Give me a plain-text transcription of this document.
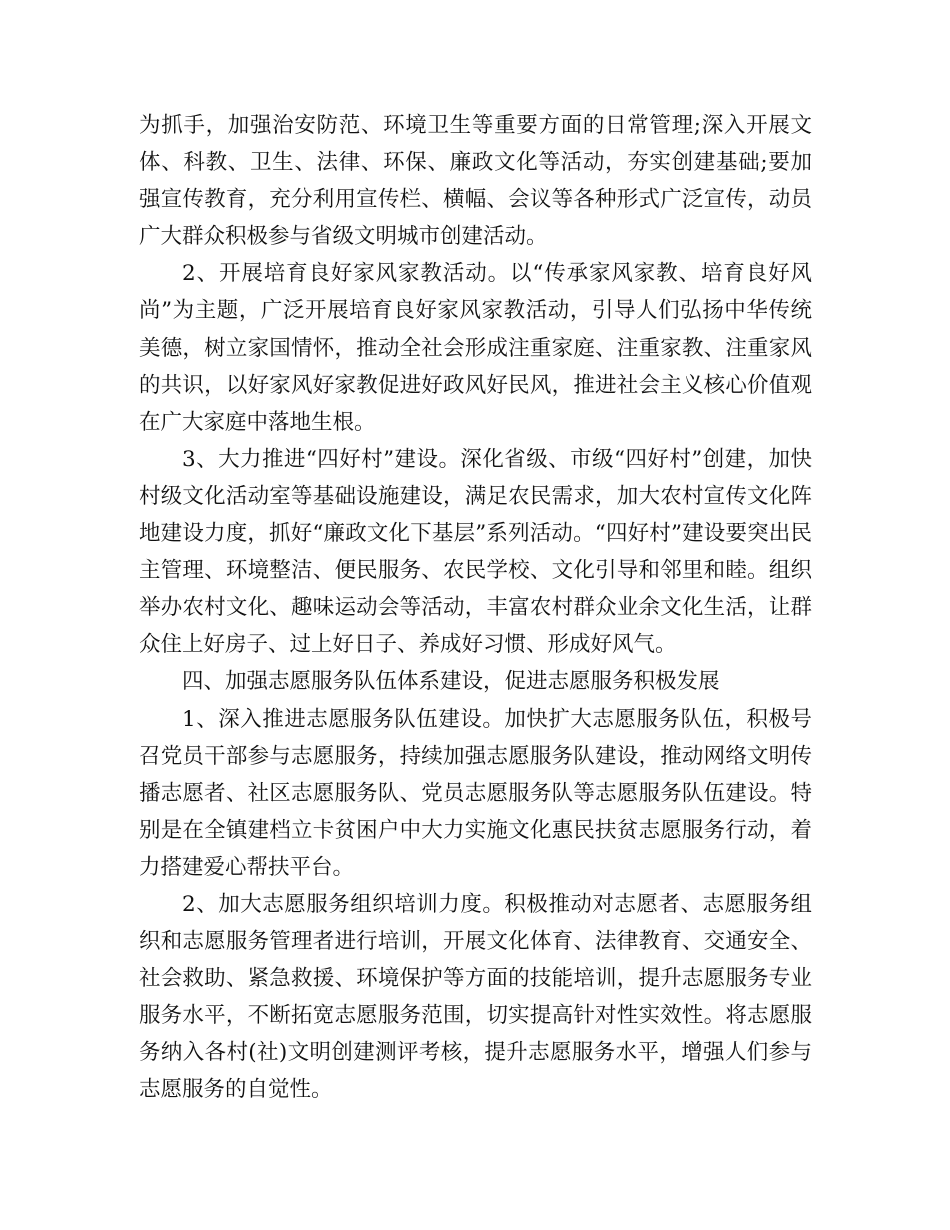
为抓手，加强治安防范、环境卫生等重要方面的日常管理;深入开展文体、科教、卫生、法律、环保、廉政文化等活动，夯实创建基础;要加强宣传教育，充分利用宣传栏、横幅、会议等各种形式广泛宣传，动员广大群众积极参与省级文明城市创建活动。

2、开展培育良好家风家教活动。以“传承家风家教、培育良好风尚”为主题，广泛开展培育良好家风家教活动，引导人们弘扬中华传统美德，树立家国情怀，推动全社会形成注重家庭、注重家教、注重家风的共识，以好家风好家教促进好政风好民风，推进社会主义核心价值观在广大家庭中落地生根。

3、大力推进“四好村”建设。深化省级、市级“四好村”创建，加快村级文化活动室等基础设施建设，满足农民需求，加大农村宣传文化阵地建设力度，抓好“廉政文化下基层”系列活动。“四好村”建设要突出民主管理、环境整洁、便民服务、农民学校、文化引导和邻里和睦。组织举办农村文化、趣味运动会等活动，丰富农村群众业余文化生活，让群众住上好房子、过上好日子、养成好习惯、形成好风气。

四、加强志愿服务队伍体系建设，促进志愿服务积极发展

1、深入推进志愿服务队伍建设。加快扩大志愿服务队伍，积极号召党员干部参与志愿服务，持续加强志愿服务队建设，推动网络文明传播志愿者、社区志愿服务队、党员志愿服务队等志愿服务队伍建设。特别是在全镇建档立卡贫困户中大力实施文化惠民扶贫志愿服务行动，着力搭建爱心帮扶平台。

2、加大志愿服务组织培训力度。积极推动对志愿者、志愿服务组织和志愿服务管理者进行培训，开展文化体育、法律教育、交通安全、社会救助、紧急救援、环境保护等方面的技能培训，提升志愿服务专业服务水平，不断拓宽志愿服务范围，切实提高针对性实效性。将志愿服务纳入各村(社)文明创建测评考核，提升志愿服务水平，增强人们参与志愿服务的自觉性。
